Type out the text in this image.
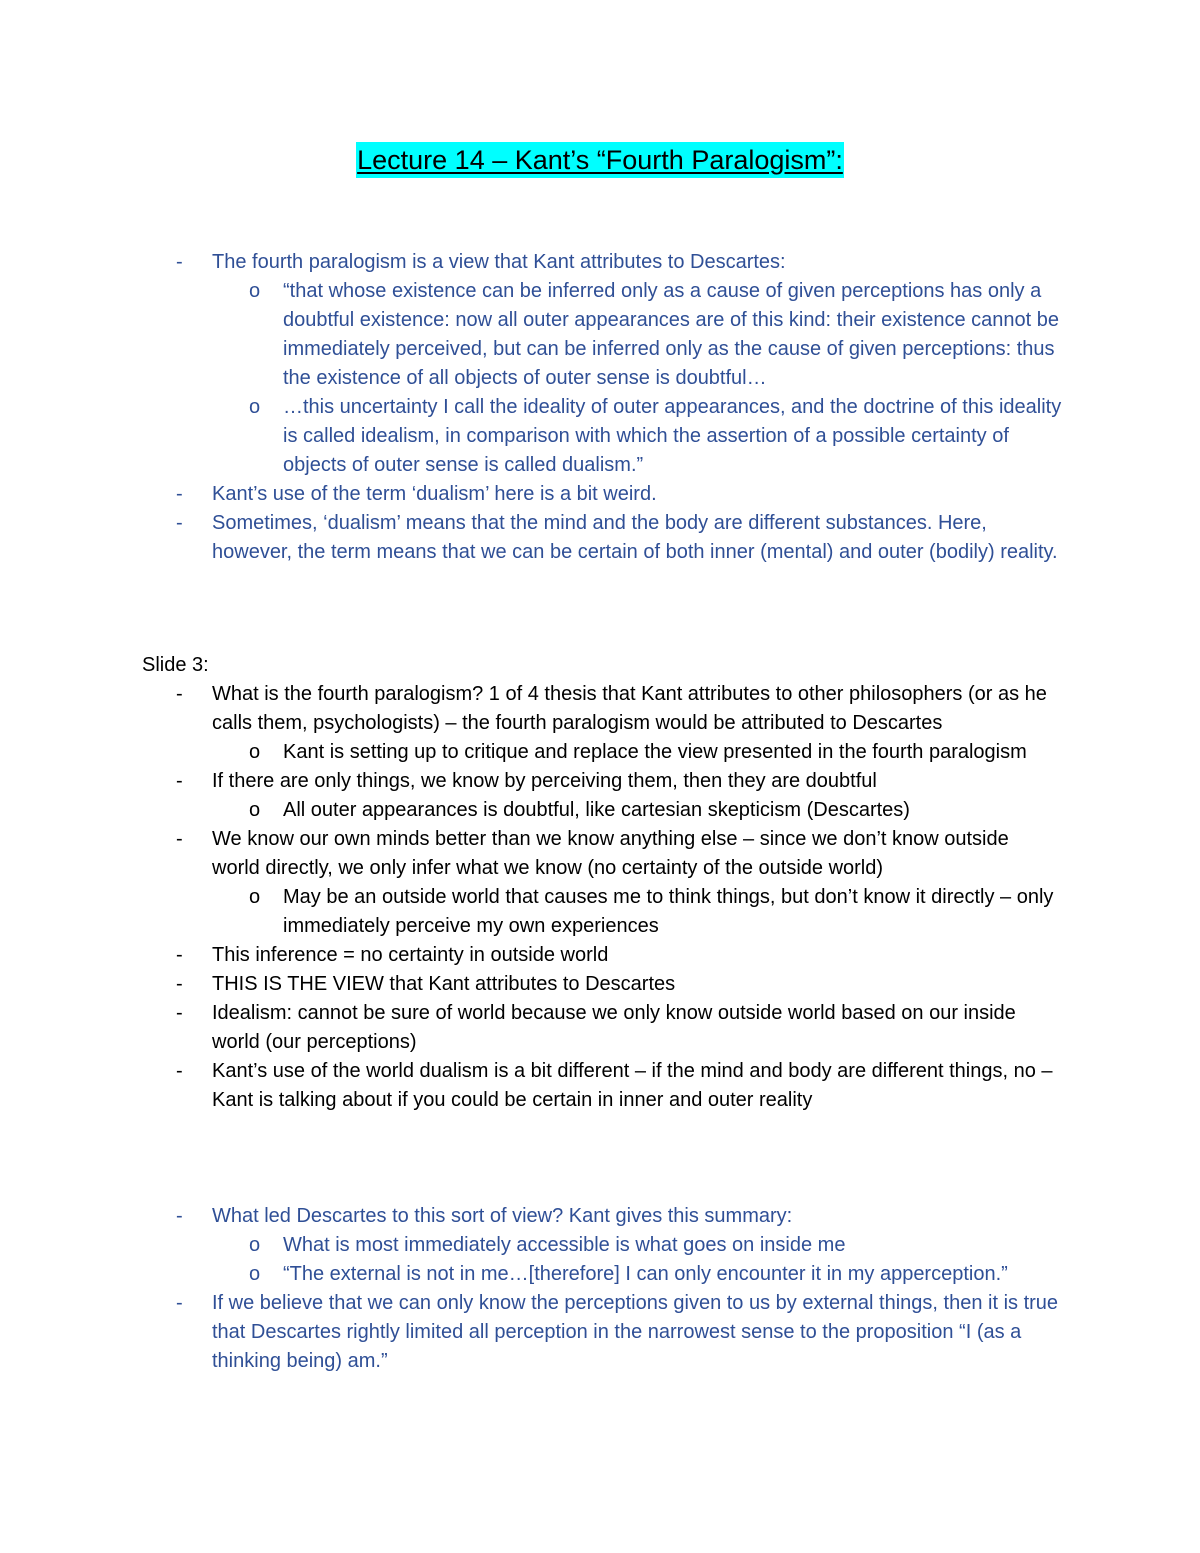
Lecture 14 – Kant’s “Fourth Paralogism”:
- The fourth paralogism is a view that Kant attributes to Descartes:
o “that whose existence can be inferred only as a cause of given perceptions has only a doubtful existence: now all outer appearances are of this kind: their existence cannot be immediately perceived, but can be inferred only as the cause of given perceptions: thus the existence of all objects of outer sense is doubtful…
o …this uncertainty I call the ideality of outer appearances, and the doctrine of this ideality is called idealism, in comparison with which the assertion of a possible certainty of objects of outer sense is called dualism.”
- Kant’s use of the term ‘dualism’ here is a bit weird.
- Sometimes, ‘dualism’ means that the mind and the body are different substances. Here, however, the term means that we can be certain of both inner (mental) and outer (bodily) reality.
Slide 3:
- What is the fourth paralogism? 1 of 4 thesis that Kant attributes to other philosophers (or as he calls them, psychologists) – the fourth paralogism would be attributed to Descartes
o Kant is setting up to critique and replace the view presented in the fourth paralogism
- If there are only things, we know by perceiving them, then they are doubtful
o All outer appearances is doubtful, like cartesian skepticism (Descartes)
- We know our own minds better than we know anything else – since we don’t know outside world directly, we only infer what we know (no certainty of the outside world)
o May be an outside world that causes me to think things, but don’t know it directly – only immediately perceive my own experiences
- This inference = no certainty in outside world
- THIS IS THE VIEW that Kant attributes to Descartes
- Idealism: cannot be sure of world because we only know outside world based on our inside world (our perceptions)
- Kant’s use of the world dualism is a bit different – if the mind and body are different things, no – Kant is talking about if you could be certain in inner and outer reality
- What led Descartes to this sort of view? Kant gives this summary:
o What is most immediately accessible is what goes on inside me
o “The external is not in me…[therefore] I can only encounter it in my apperception.”
- If we believe that we can only know the perceptions given to us by external things, then it is true that Descartes rightly limited all perception in the narrowest sense to the proposition “I (as a thinking being) am.”
